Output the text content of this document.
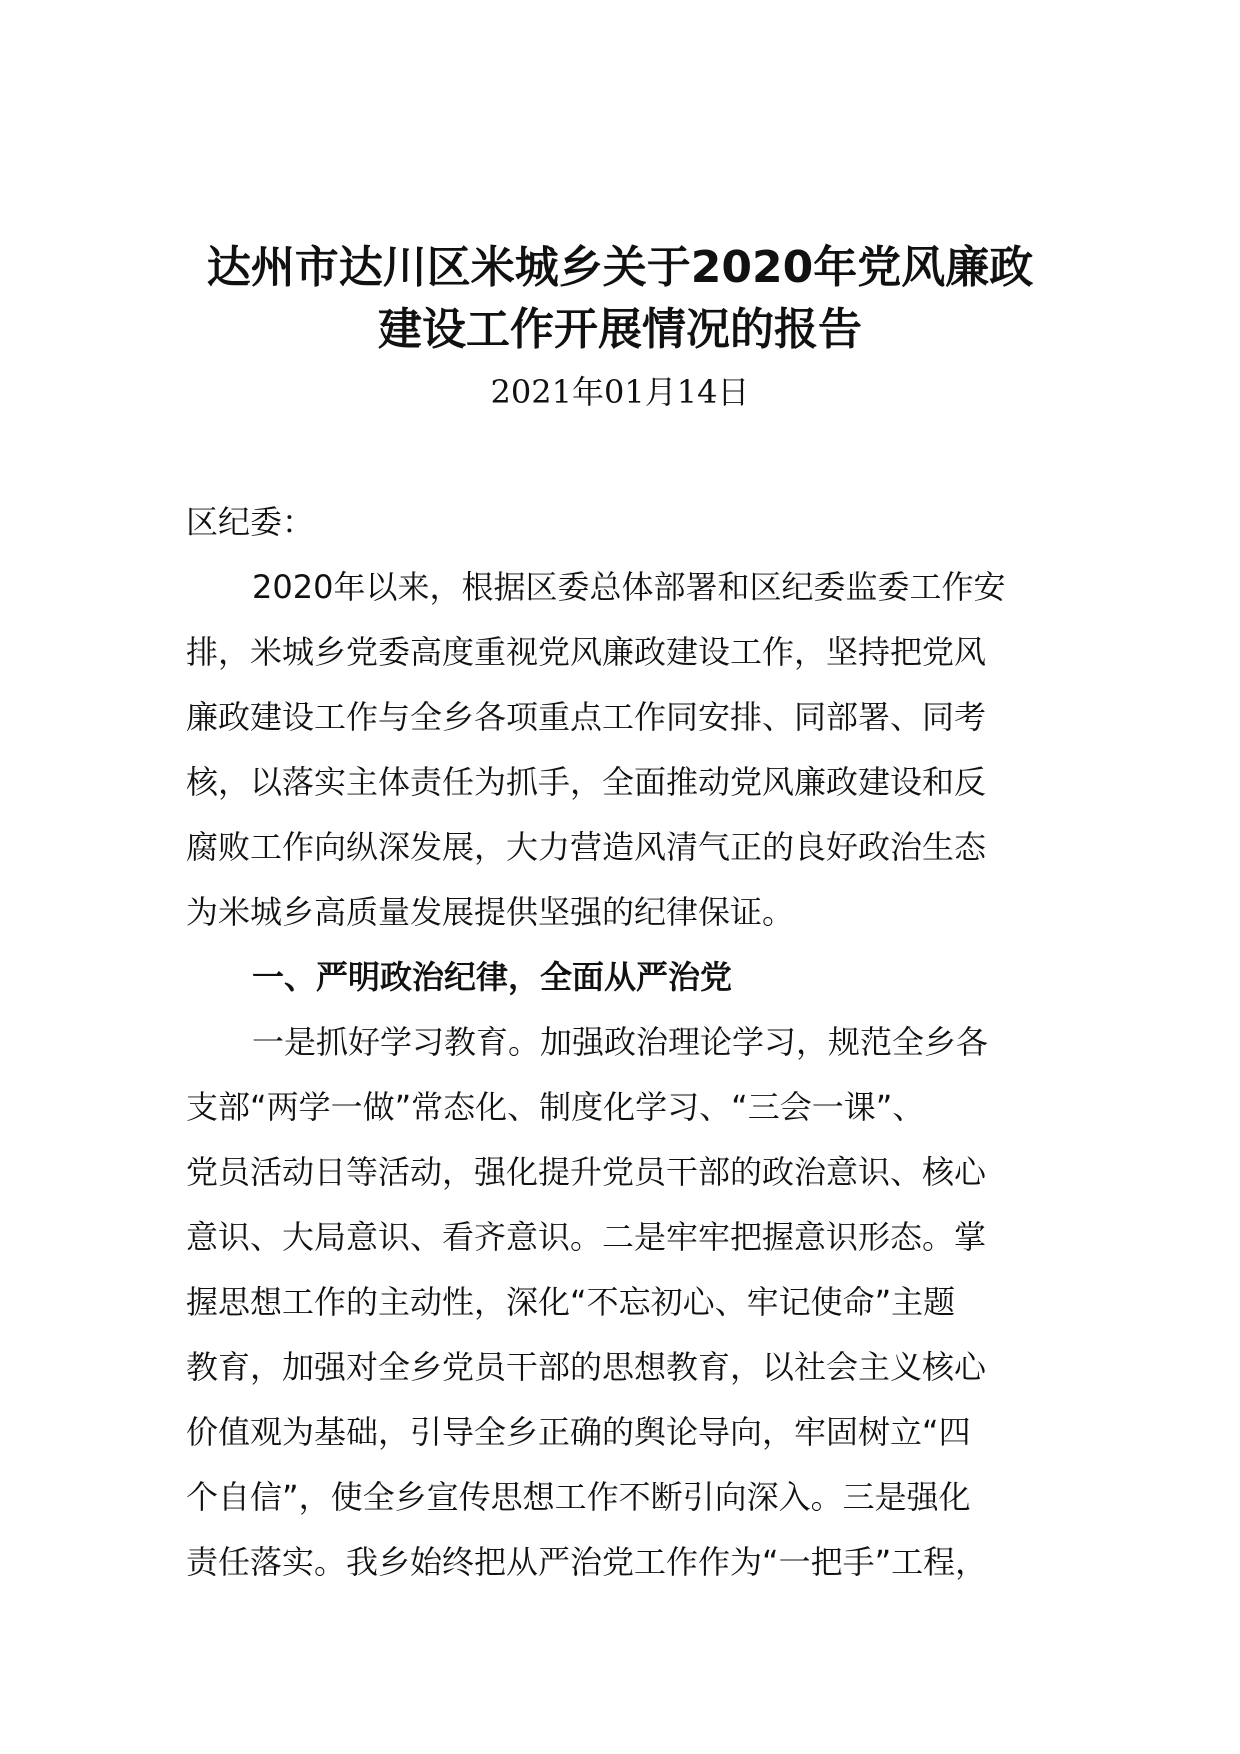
达州市达川区米城乡关于2020年党风廉政
建设工作开展情况的报告
2021年01月14日
区纪委：
2020年以来，根据区委总体部署和区纪委监委工作安
排，米城乡党委高度重视党风廉政建设工作，坚持把党风
廉政建设工作与全乡各项重点工作同安排、同部署、同考
核，以落实主体责任为抓手，全面推动党风廉政建设和反
腐败工作向纵深发展，大力营造风清气正的良好政治生态
为米城乡高质量发展提供坚强的纪律保证。
一、严明政治纪律，全面从严治党
一是抓好学习教育。加强政治理论学习，规范全乡各
支部“两学一做”常态化、制度化学习、“三会一课”、
党员活动日等活动，强化提升党员干部的政治意识、核心
意识、大局意识、看齐意识。二是牢牢把握意识形态。掌
握思想工作的主动性，深化“不忘初心、牢记使命”主题
教育，加强对全乡党员干部的思想教育，以社会主义核心
价值观为基础，引导全乡正确的舆论导向，牢固树立“四
个自信”，使全乡宣传思想工作不断引向深入。三是强化
责任落实。我乡始终把从严治党工作作为“一把手”工程，
